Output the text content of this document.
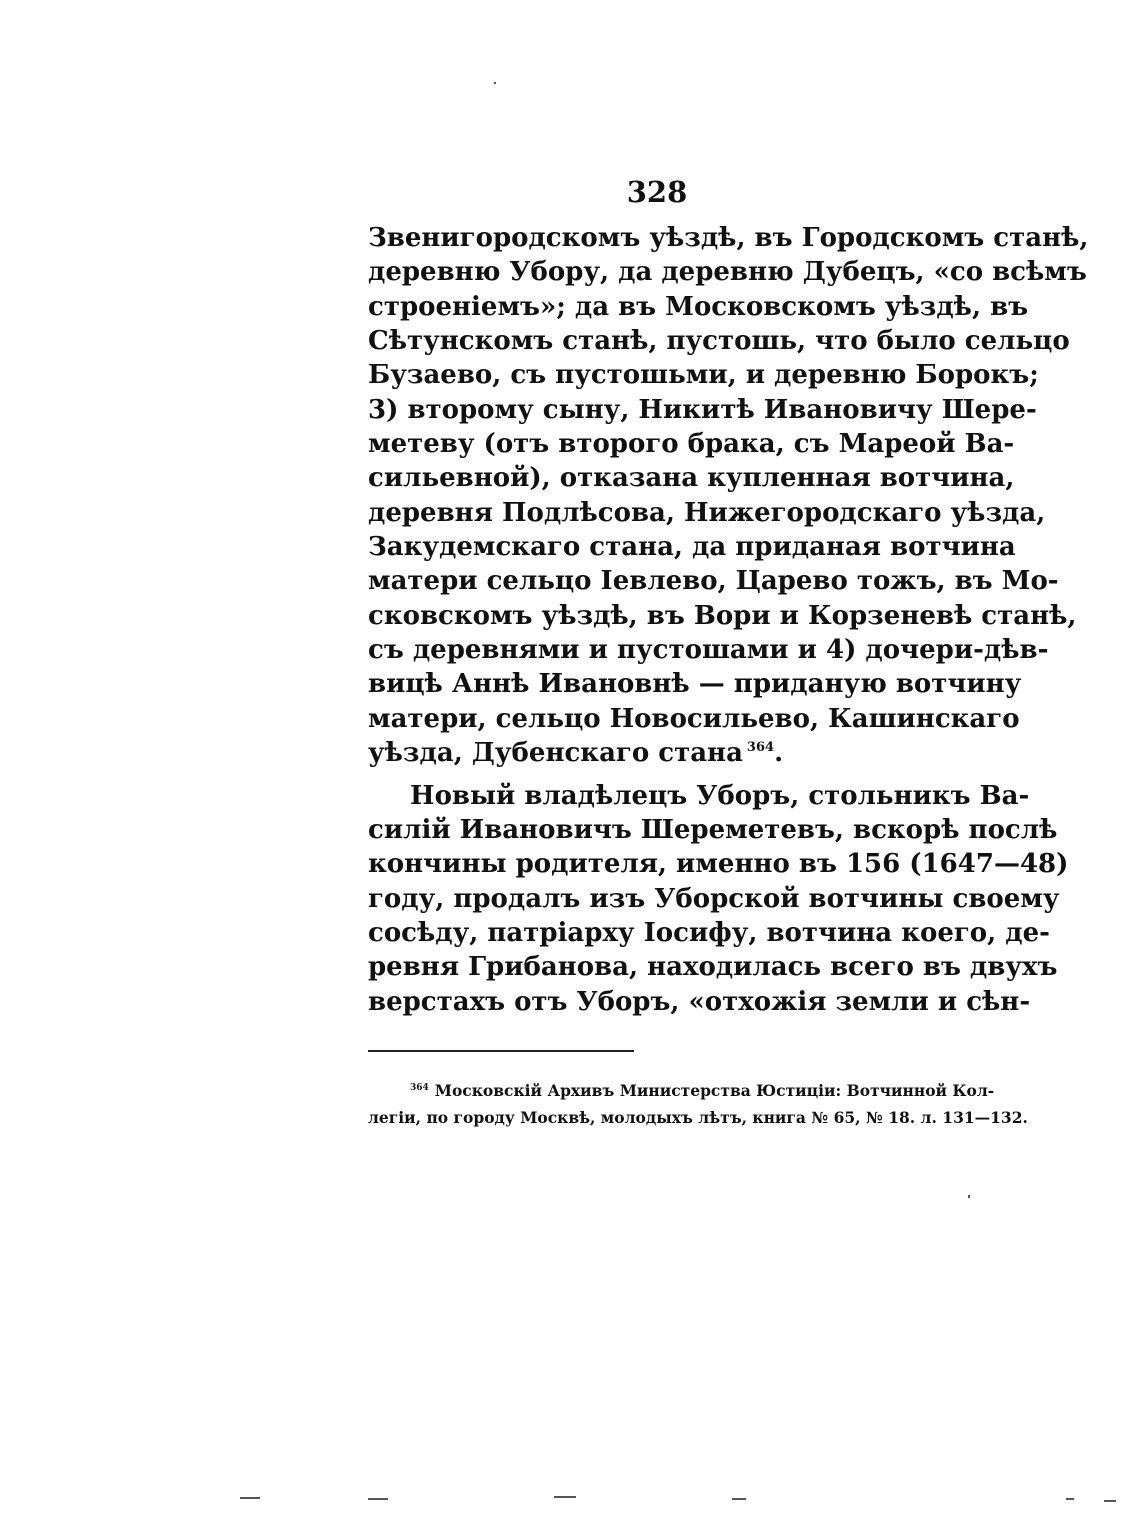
328
Звенигородскомъ уѣздѣ, въ Городскомъ станѣ,
деревню Убору, да деревню Дубецъ, «со всѣмъ
строеніемъ»; да въ Московскомъ уѣздѣ, въ
Сѣтунскомъ станѣ, пустошь, что было сельцо
Бузаево, съ пустошьми, и деревню Борокъ;
3) второму сыну, Никитѣ Ивановичу Шере-
метеву (отъ второго брака, съ Мареой Ва-
сильевной), отказана купленная вотчина,
деревня Подлѣсова, Нижегородскаго уѣзда,
Закудемскаго стана, да приданая вотчина
матери сельцо Іевлево, Царево тожъ, въ Мо-
сковскомъ уѣздѣ, въ Вори и Корзеневѣ станѣ,
съ деревнями и пустошами и 4) дочери-дѣв-
вицѣ Аннѣ Ивановнѣ — приданую вотчину
матери, сельцо Новосильево, Кашинскаго
уѣзда, Дубенскаго стана $^{364}$.
Новый владѣлецъ Уборъ, стольникъ Ва-
силій Ивановичъ Шереметевъ, вскорѣ послѣ
кончины родителя, именно въ 156 (1647—48)
году, продалъ изъ Уборской вотчины своему
сосѣду, патріарху Іосифу, вотчина коего, де-
ревня Грибанова, находилась всего въ двухъ
верстахъ отъ Уборъ, «отхожія земли и сѣн-
$^{364}$ Московскій Архивъ Министерства Юстиціи: Вотчинной Кол-
легіи, по городу Москвѣ, молодыхъ лѣтъ, книга № 65, № 18. л. 131—132.
